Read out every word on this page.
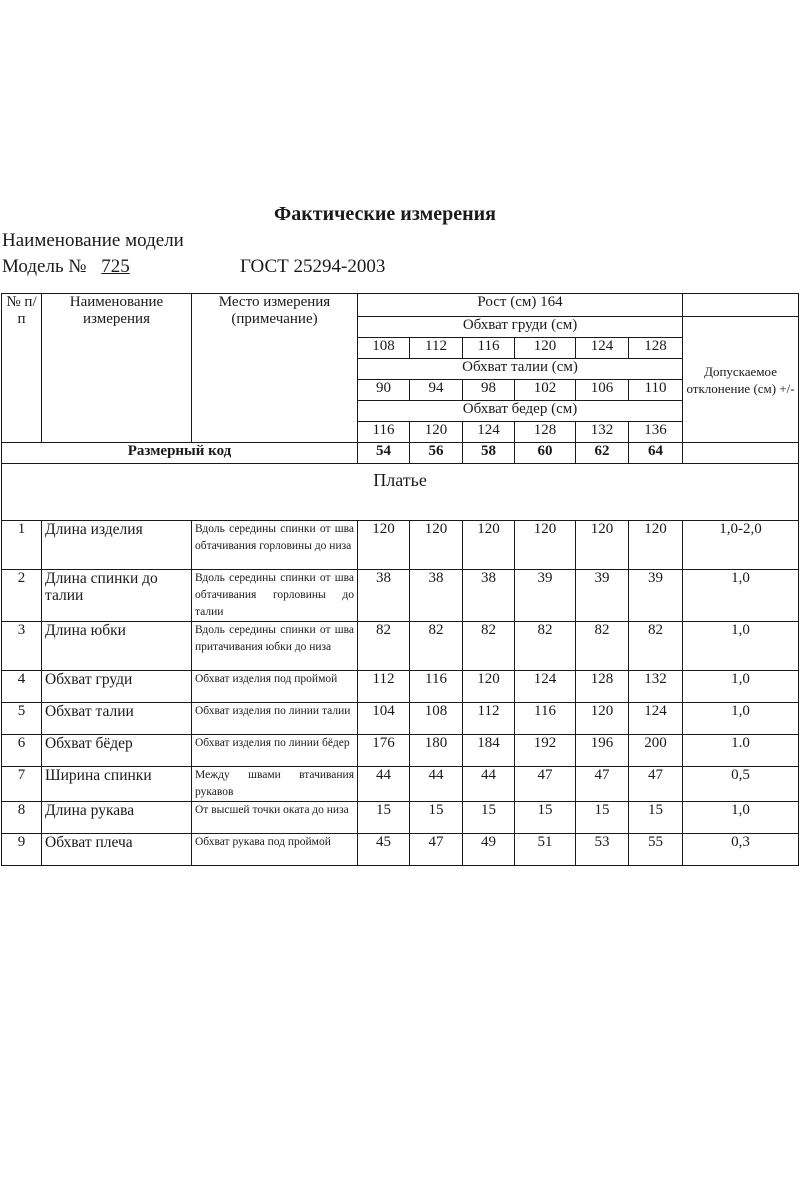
Фактические измерения
Наименование модели
Модель № 725	ГОСТ 25294-2003
№ п/п	Наименование измерения	Место измерения (примечание)	Рост (см) 164						
			Обхват груди (см)						Допускаемое отклонение (см) +/-
			108	112	116	120	124	128	
			Обхват талии (см)						
			90	94	98	102	106	110	
			Обхват бедер (см)						
			116	120	124	128	132	136	
Размерный код			54	56	58	60	62	64	
Платье									
1	Длина изделия	Вдоль середины спинки от шва обтачивания горловины до низа	120	120	120	120	120	120	1,0-2,0
2	Длина спинки до талии	Вдоль середины спинки от шва обтачивания горловины до талии	38	38	38	39	39	39	1,0
3	Длина юбки	Вдоль середины спинки от шва притачивания юбки до низа	82	82	82	82	82	82	1,0
4	Обхват груди	Обхват изделия под проймой	112	116	120	124	128	132	1,0
5	Обхват талии	Обхват изделия по линии талии	104	108	112	116	120	124	1,0
6	Обхват бёдер	Обхват изделия по линии бёдер	176	180	184	192	196	200	1.0
7	Ширина спинки	Между швами втачивания рукавов	44	44	44	47	47	47	0,5
8	Длина рукава	От высшей точки оката до низа	15	15	15	15	15	15	1,0
9	Обхват плеча	Обхват рукава под проймой	45	47	49	51	53	55	0,3
